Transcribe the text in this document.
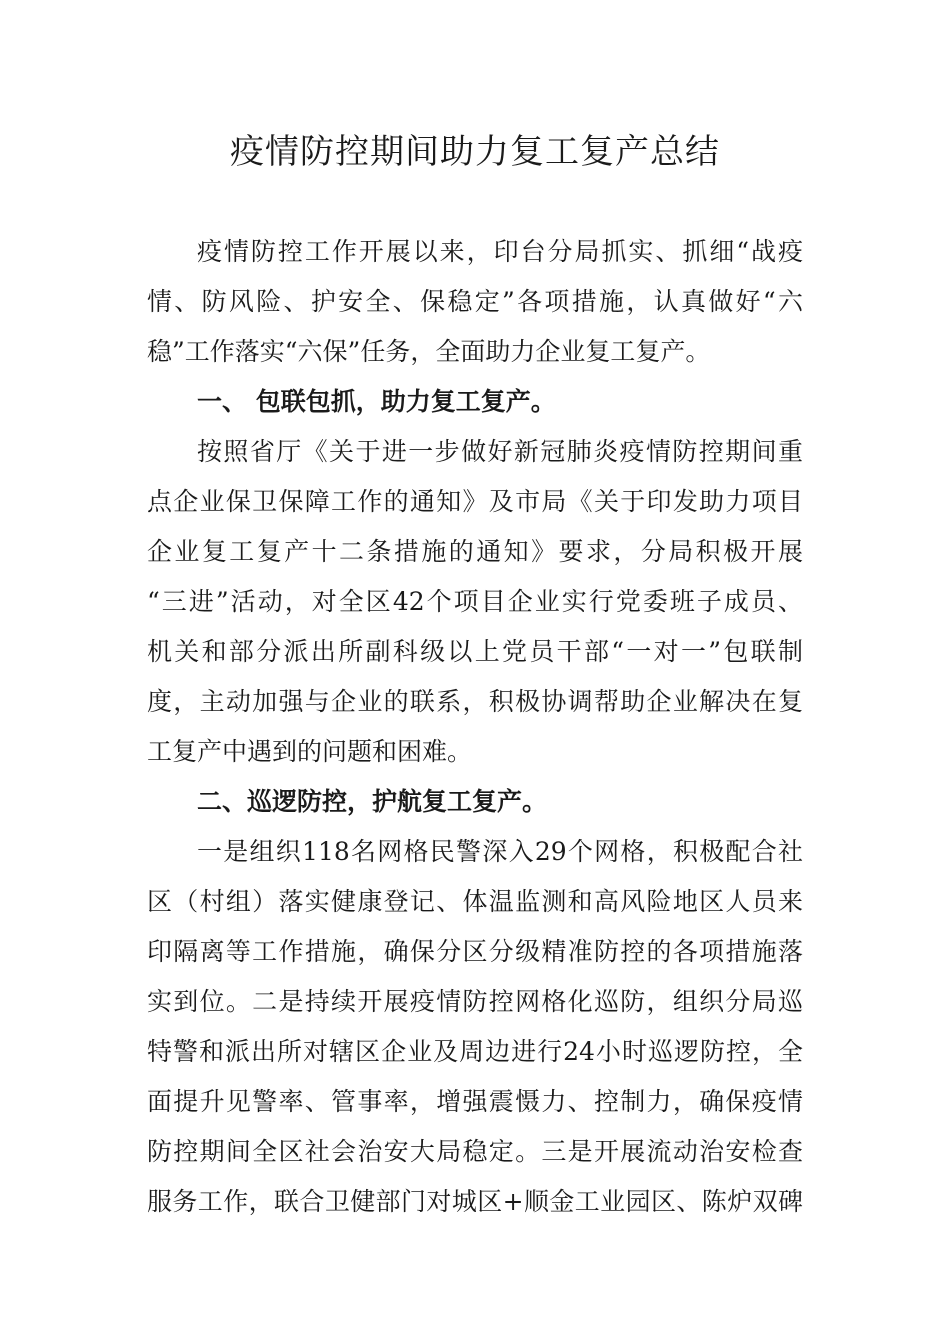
疫情防控期间助力复工复产总结

疫情防控工作开展以来，印台分局抓实、抓细“战疫

情、防风险、护安全、保稳定”各项措施，认真做好“六

稳”工作落实“六保”任务，全面助力企业复工复产。

一、 包联包抓，助力复工复产。

按照省厅《关于进一步做好新冠肺炎疫情防控期间重

点企业保卫保障工作的通知》及市局《关于印发助力项目

企业复工复产十二条措施的通知》要求，分局积极开展

“三进”活动，对全区42个项目企业实行党委班子成员、

机关和部分派出所副科级以上党员干部“一对一”包联制

度，主动加强与企业的联系，积极协调帮助企业解决在复

工复产中遇到的问题和困难。

二、巡逻防控，护航复工复产。

一是组织118名网格民警深入29个网格，积极配合社

区（村组）落实健康登记、体温监测和高风险地区人员来

印隔离等工作措施，确保分区分级精准防控的各项措施落

实到位。二是持续开展疫情防控网格化巡防，组织分局巡

特警和派出所对辖区企业及周边进行24小时巡逻防控，全

面提升见警率、管事率，增强震慑力、控制力，确保疫情

防控期间全区社会治安大局稳定。三是开展流动治安检查

服务工作，联合卫健部门对城区+顺金工业园区、陈炉双碑
